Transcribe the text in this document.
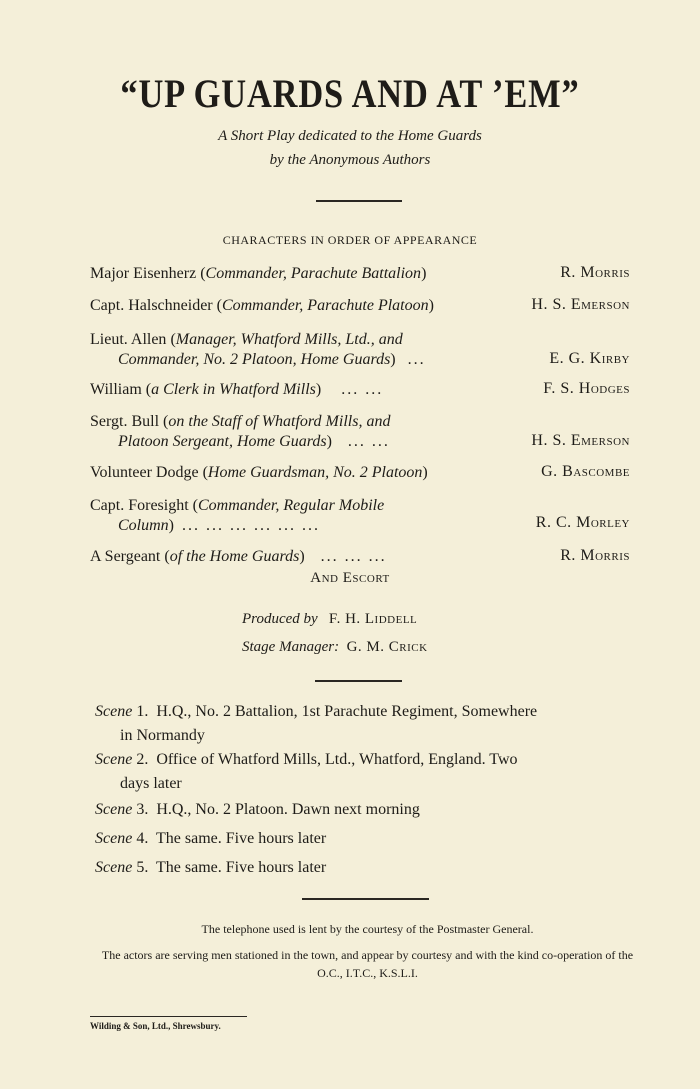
“UP GUARDS AND AT ’EM”
A Short Play dedicated to the Home Guards
by the Anonymous Authors
CHARACTERS IN ORDER OF APPEARANCE
Major Eisenherz (Commander, Parachute Battalion)	R. Morris
Capt. Halschneider (Commander, Parachute Platoon)	H. S. Emerson
Lieut. Allen (Manager, Whatford Mills, Ltd., and
Commander, No. 2 Platoon, Home Guards)   ...	E. G. Kirby
William (a Clerk in Whatford Mills)     ... ...	F. S. Hodges
Sergt. Bull (on the Staff of Whatford Mills, and
Platoon Sergeant, Home Guards)    ... ...	H. S. Emerson
Volunteer Dodge (Home Guardsman, No. 2 Platoon)	G. Bascombe
Capt. Foresight (Commander, Regular Mobile
Column)  ... ... ... ... ... ...	R. C. Morley
A Sergeant (of the Home Guards)    ... ... ...	R. Morris
And Escort
Produced by F. H. Liddell
Stage Manager: G. M. Crick
Scene 1. H.Q., No. 2 Battalion, 1st Parachute Regiment, Somewhere
in Normandy
Scene 2. Office of Whatford Mills, Ltd., Whatford, England. Two
days later
Scene 3. H.Q., No. 2 Platoon. Dawn next morning
Scene 4. The same. Five hours later
Scene 5. The same. Five hours later
The telephone used is lent by the courtesy of the Postmaster General.
The actors are serving men stationed in the town, and appear by courtesy and with the kind co-operation of the O.C., I.T.C., K.S.L.I.
Wilding & Son, Ltd., Shrewsbury.
